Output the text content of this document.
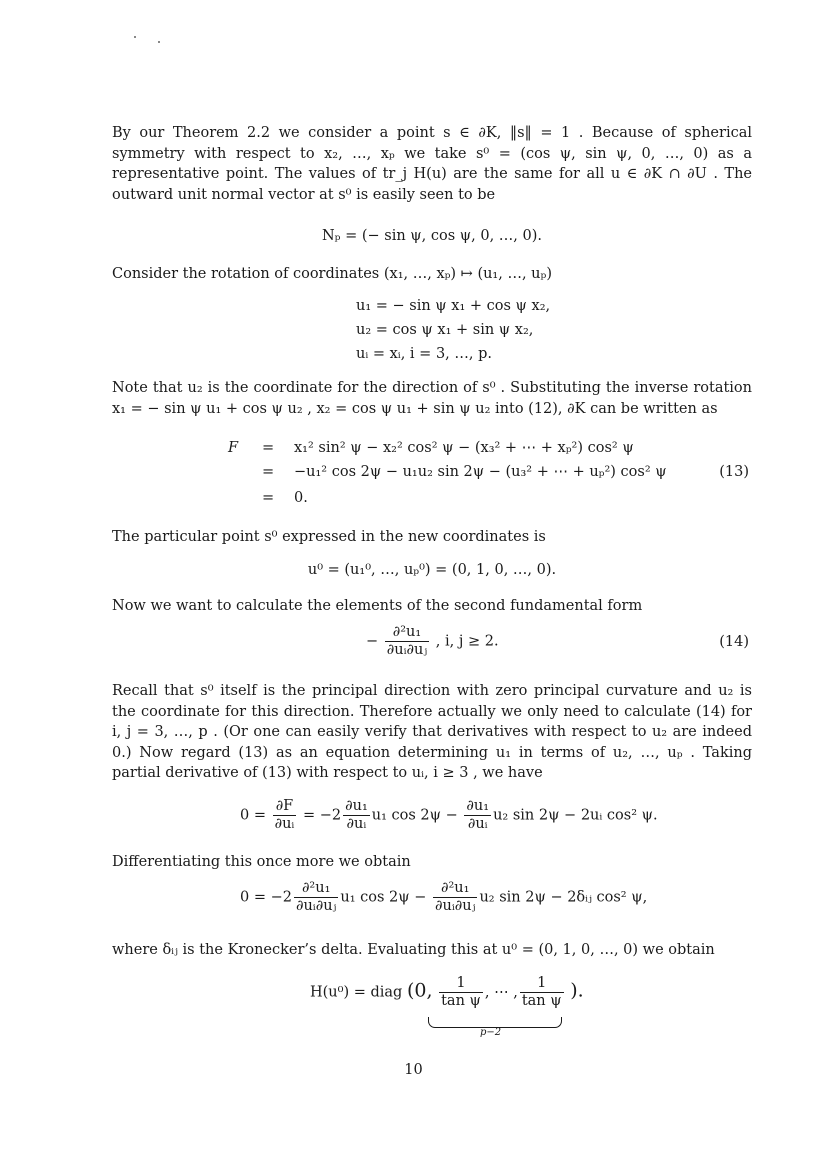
By our Theorem 2.2 we consider a point s ∈ ∂K, ‖s‖ = 1 . Because of spherical symmetry with respect to x₂, …, xₚ we take s⁰ = (cos ψ, sin ψ, 0, …, 0) as a representative point. The values of tr_j H(u) are the same for all u ∈ ∂K ∩ ∂U . The outward unit normal vector at s⁰ is easily seen to be
Nₚ = (− sin ψ, cos ψ, 0, …, 0).
Consider the rotation of coordinates (x₁, …, xₚ) ↦ (u₁, …, uₚ)
u₁ = − sin ψ x₁ + cos ψ x₂,
u₂ = cos ψ x₁ + sin ψ x₂,
uᵢ = xᵢ, i = 3, …, p.
Note that u₂ is the coordinate for the direction of s⁰ . Substituting the inverse rotation x₁ = − sin ψ u₁ + cos ψ u₂ , x₂ = cos ψ u₁ + sin ψ u₂ into (12), ∂K can be written as
F = x₁² sin² ψ − x₂² cos² ψ − (x₃² + ⋯ + xₚ²) cos² ψ
= −u₁² cos 2ψ − u₁u₂ sin 2ψ − (u₃² + ⋯ + uₚ²) cos² ψ
= 0.
(13)
The particular point s⁰ expressed in the new coordinates is
u⁰ = (u₁⁰, …, uₚ⁰) = (0, 1, 0, …, 0).
Now we want to calculate the elements of the second fundamental form
− $\frac{\text{∂²u₁}}{\text{∂uᵢ∂uⱼ}}$ , i, j ≥ 2.	(14)
Recall that s⁰ itself is the principal direction with zero principal curvature and u₂ is the coordinate for this direction. Therefore actually we only need to calculate (14) for i, j = 3, …, p . (Or one can easily verify that derivatives with respect to u₂ are indeed 0.) Now regard (13) as an equation determining u₁ in terms of u₂, …, uₚ . Taking partial derivative of (13) with respect to uᵢ, i ≥ 3 , we have
$0 = \frac{\partial F}{\text{∂uᵢ}} = -2 \frac{\text{∂u₁}}{\text{∂uᵢ}} u_1$ $\cos 2\psi - \frac{\text{∂u₁}}{\text{∂uᵢ}} u_2$ sin 2ψ − 2uᵢ cos² ψ.
Differentiating this once more we obtain
$0 = -2 \frac{\text{∂²u₁}}{\text{∂uᵢ∂uⱼ}} u_1$ $\cos 2\psi - \frac{\text{∂²u₁}}{\text{∂uᵢ∂uⱼ}} u_2$ sin 2ψ − 2δᵢⱼ cos² ψ,
where δᵢⱼ is the Kronecker’s delta. Evaluating this at u⁰ = (0, 1, 0, …, 0) we obtain
H(u⁰) = diag (0, $\frac{1}{\text{tan ψ}}$ , ⋯ , $\frac{1}{\text{tan ψ}}$ ).
p−2
10
